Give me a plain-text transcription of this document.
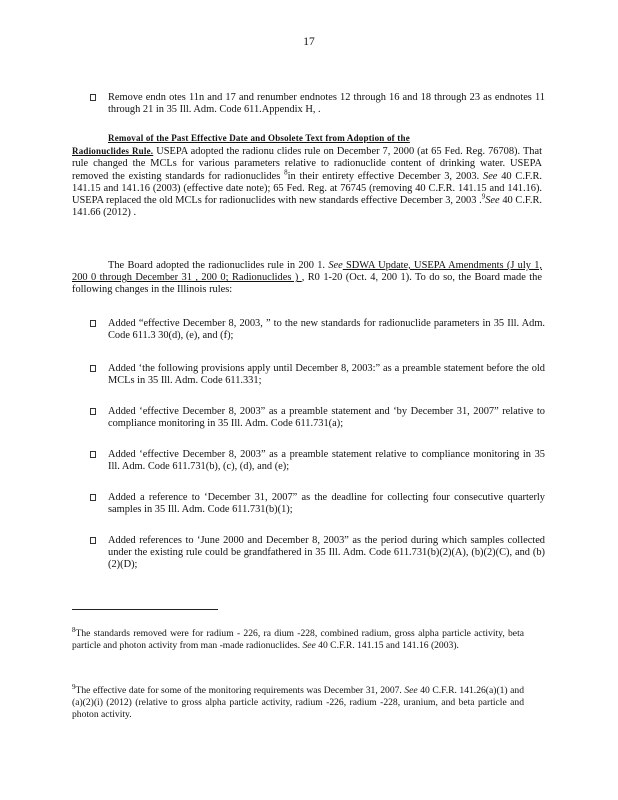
17
Remove endn otes 11n and 17 and renumber endnotes 12 through 16 and 18 through 23 as endnotes 11 through 21 in 35 Ill. Adm. Code 611.Appendix H, .
Removal of the Past Effective Date and Obsolete Text from Adoption of the
Radionuclides Rule. USEPA adopted the radionu clides rule on December 7, 2000 (at 65 Fed. Reg. 76708). That rule changed the MCLs for various parameters relative to radionuclide content of drinking water. USEPA removed the existing standards for radionuclides $^8$in their entirety effective December 3, 2003. See 40 C.F.R. 141.15 and 141.16 (2003) (effective date note); 65 Fed. Reg. at 76745 (removing 40 C.F.R. 141.15 and 141.16). USEPA replaced the old MCLs for radionuclides with new standards effective December 3, 2003 .$^9$See 40 C.F.R. 141.66 (2012) .
The Board adopted the radionuclides rule in 200 1. See SDWA Update, USEPA Amendments (J uly 1, 200 0 through December 31 , 200 0; Radionuclides ) , R0 1-20 (Oct. 4, 200 1). To do so, the Board made the following changes in the Illinois rules:
Added “effective December 8, 2003, ” to the new standards for radionuclide parameters in 35 Ill. Adm. Code 611.3 30(d), (e), and (f);
Added ‘the following provisions apply until December 8, 2003:” as a preamble statement before the old MCLs in 35 Ill. Adm. Code 611.331;
Added ‘effective December 8, 2003” as a preamble statement and ‘by December 31, 2007” relative to compliance monitoring in 35 Ill. Adm. Code 611.731(a);
Added ‘effective December 8, 2003” as a preamble statement relative to compliance monitoring in 35 Ill. Adm. Code 611.731(b), (c), (d), and (e);
Added a reference to ‘December 31, 2007” as the deadline for collecting four consecutive quarterly samples in 35 Ill. Adm. Code 611.731(b)(1);
Added references to ‘June 2000 and December 8, 2003” as the period during which samples collected under the existing rule could be grandfathered in 35 Ill. Adm. Code 611.731(b)(2)(A), (b)(2)(C), and (b)(2)(D);
$^8$The standards removed were for radium - 226, ra dium -228, combined radium, gross alpha particle activity, beta particle and photon activity from man -made radionuclides. See 40 C.F.R. 141.15 and 141.16 (2003).
$^9$The effective date for some of the monitoring requirements was December 31, 2007. See 40 C.F.R. 141.26(a)(1) and (a)(2)(i) (2012) (relative to gross alpha particle activity, radium -226, radium -228, uranium, and beta particle and photon activity.
